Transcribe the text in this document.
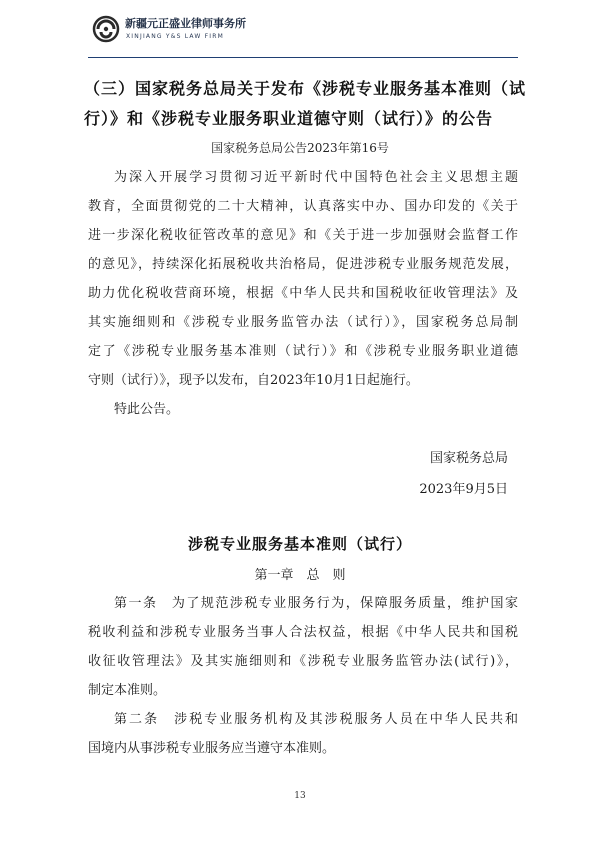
新疆元正盛业律师事务所
XINJIANG Y&S LAW FIRM
（三）国家税务总局关于发布《涉税专业服务基本准则（试
行）》和《涉税专业服务职业道德守则（试行）》的公告
国家税务总局公告2023年第16号
为深入开展学习贯彻习近平新时代中国特色社会主义思想主题
教育，全面贯彻党的二十大精神，认真落实中办、国办印发的《关于
进一步深化税收征管改革的意见》和《关于进一步加强财会监督工作
的意见》，持续深化拓展税收共治格局，促进涉税专业服务规范发展，
助力优化税收营商环境，根据《中华人民共和国税收征收管理法》及
其实施细则和《涉税专业服务监管办法（试行）》，国家税务总局制
定了《涉税专业服务基本准则（试行）》和《涉税专业服务职业道德
守则（试行）》，现予以发布，自2023年10月1日起施行。
特此公告。
国家税务总局
2023年9月5日
涉税专业服务基本准则（试行）
第一章　总　则
第一条　为了规范涉税专业服务行为，保障服务质量，维护国家
税收利益和涉税专业服务当事人合法权益，根据《中华人民共和国税
收征收管理法》及其实施细则和《涉税专业服务监管办法(试行)》，
制定本准则。
第二条　涉税专业服务机构及其涉税服务人员在中华人民共和
国境内从事涉税专业服务应当遵守本准则。
13
